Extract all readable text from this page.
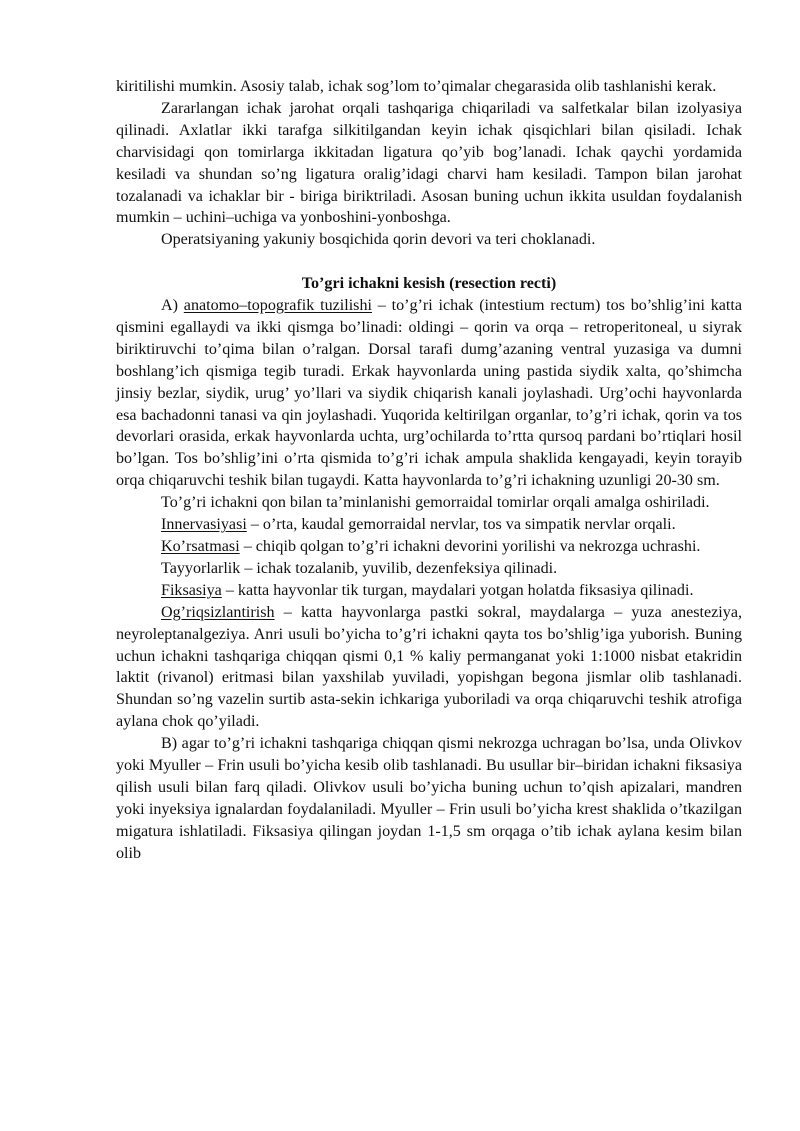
kiritilishi mumkin. Asosiy talab, ichak sog’lom to’qimalar chegarasida olib tashlanishi kerak.

Zararlangan ichak jarohat orqali tashqariga chiqariladi va salfetkalar bilan izolyasiya qilinadi. Axlatlar ikki tarafga silkitilgandan keyin ichak qisqichlari bilan qisiladi. Ichak charvisidagi qon tomirlarga ikkitadan ligatura qo’yib bog’lanadi. Ichak qaychi yordamida kesiladi va shundan so’ng ligatura oralig’idagi charvi ham kesiladi. Tampon bilan jarohat tozalanadi va ichaklar bir - biriga biriktriladi. Asosan buning uchun ikkita usuldan foydalanish mumkin – uchini–uchiga va yonboshini-yonboshga.

Operatsiyaning yakuniy bosqichida qorin devori va teri choklanadi.

To’gri ichakni kesish (resection recti)

A) anatomo–topografik tuzilishi – to’g’ri ichak (intestium rectum) tos bo’shlig’ini katta qismini egallaydi va ikki qismga bo’linadi: oldingi – qorin va orqa – retroperitoneal, u siyrak biriktiruvchi to’qima bilan o’ralgan. Dorsal tarafi dumg’azaning ventral yuzasiga va dumni boshlang’ich qismiga tegib turadi. Erkak hayvonlarda uning pastida siydik xalta, qo’shimcha jinsiy bezlar, siydik, urug’ yo’llari va siydik chiqarish kanali joylashadi. Urg’ochi hayvonlarda esa bachadonni tanasi va qin joylashadi. Yuqorida keltirilgan organlar, to’g’ri ichak, qorin va tos devorlari orasida, erkak hayvonlarda uchta, urg’ochilarda to’rtta qursoq pardani bo’rtiqlari hosil bo’lgan. Tos bo’shlig’ini o’rta qismida to’g’ri ichak ampula shaklida kengayadi, keyin torayib orqa chiqaruvchi teshik bilan tugaydi. Katta hayvonlarda to’g’ri ichakning uzunligi 20-30 sm.

To’g’ri ichakni qon bilan ta’minlanishi gemorraidal tomirlar orqali amalga oshiriladi.

Innervasiyasi – o’rta, kaudal gemorraidal nervlar, tos va simpatik nervlar orqali.

Ko’rsatmasi – chiqib qolgan to’g’ri ichakni devorini yorilishi va nekrozga uchrashi.

Tayyorlarlik – ichak tozalanib, yuvilib, dezenfeksiya qilinadi.

Fiksasiya – katta hayvonlar tik turgan, maydalari yotgan holatda fiksasiya qilinadi.

Og’riqsizlantirish – katta hayvonlarga pastki sokral, maydalarga – yuza anesteziya, neyroleptanalgeziya. Anri usuli bo’yicha to’g’ri ichakni qayta tos bo’shlig’iga yuborish. Buning uchun ichakni tashqariga chiqqan qismi 0,1 % kaliy permanganat yoki 1:1000 nisbat etakridin laktit (rivanol) eritmasi bilan yaxshilab yuviladi, yopishgan begona jismlar olib tashlanadi. Shundan so’ng vazelin surtib asta-sekin ichkariga yuboriladi va orqa chiqaruvchi teshik atrofiga aylana chok qo’yiladi.

B) agar to’g’ri ichakni tashqariga chiqqan qismi nekrozga uchragan bo’lsa, unda Olivkov yoki Myuller – Frin usuli bo’yicha kesib olib tashlanadi. Bu usullar bir–biridan ichakni fiksasiya qilish usuli bilan farq qiladi. Olivkov usuli bo’yicha buning uchun to’qish apizalari, mandren yoki inyeksiya ignalardan foydalaniladi. Myuller – Frin usuli bo’yicha krest shaklida o’tkazilgan migatura ishlatiladi. Fiksasiya qilingan joydan 1-1,5 sm orqaga o’tib ichak aylana kesim bilan olib
